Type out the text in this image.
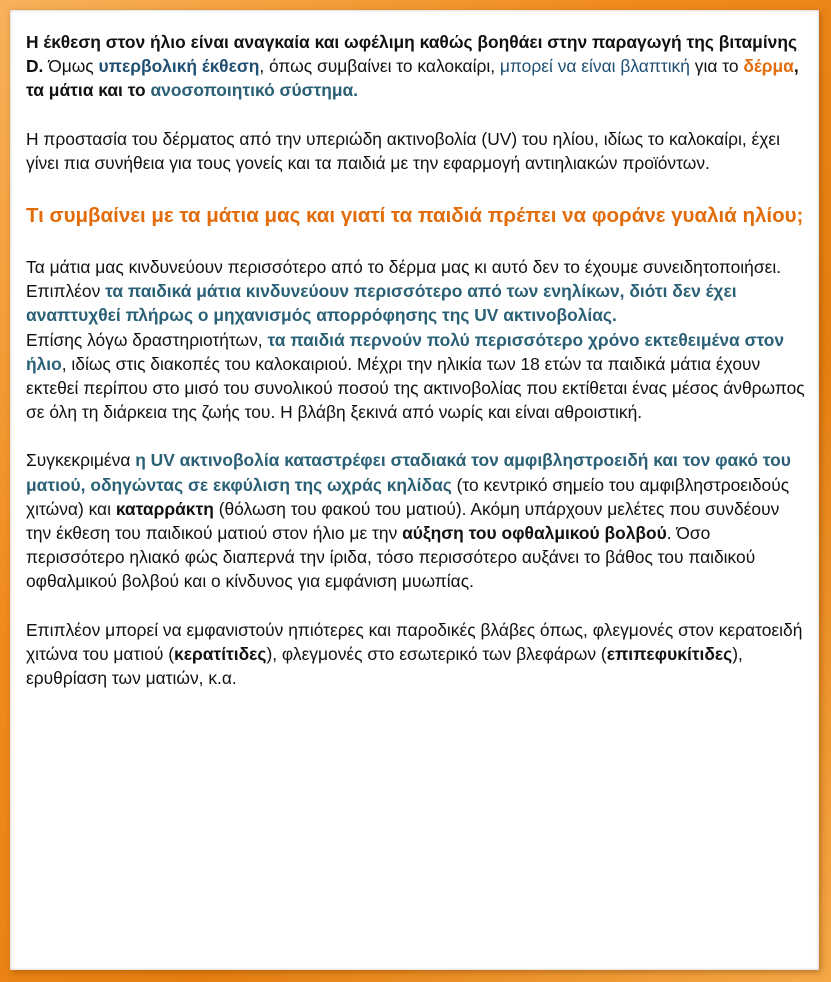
Η έκθεση στον ήλιο είναι αναγκαία και ωφέλιμη καθώς βοηθάει στην παραγωγή της βιταμίνης D. Όμως υπερβολική έκθεση, όπως συμβαίνει το καλοκαίρι, μπορεί να είναι βλαπτική για το δέρμα, τα μάτια και το ανοσοποιητικό σύστημα.

Η προστασία του δέρματος από την υπεριώδη ακτινοβολία (UV) του ηλίου, ιδίως το καλοκαίρι, έχει γίνει πια συνήθεια για τους γονείς και τα παιδιά με την εφαρμογή αντιηλιακών προϊόντων.

Τι συμβαίνει με τα μάτια μας και γιατί τα παιδιά πρέπει να φοράνε γυαλιά ηλίου;

Τα μάτια μας κινδυνεύουν περισσότερο από το δέρμα μας κι αυτό δεν το έχουμε συνειδητοποιήσει.
Επιπλέον τα παιδικά μάτια κινδυνεύουν περισσότερο από των ενηλίκων, διότι δεν έχει αναπτυχθεί πλήρως ο μηχανισμός απορρόφησης της UV ακτινοβολίας.
Επίσης λόγω δραστηριοτήτων, τα παιδιά περνούν πολύ περισσότερο χρόνο εκτεθειμένα στον ήλιο, ιδίως στις διακοπές του καλοκαιριού. Μέχρι την ηλικία των 18 ετών τα παιδικά μάτια έχουν εκτεθεί περίπου στο μισό του συνολικού ποσού της ακτινοβολίας που εκτίθεται ένας μέσος άνθρωπος σε όλη τη διάρκεια της ζωής του. Η βλάβη ξεκινά από νωρίς και είναι αθροιστική.

Συγκεκριμένα η UV ακτινοβολία καταστρέφει σταδιακά τον αμφιβληστροειδή και τον φακό του ματιού, οδηγώντας σε εκφύλιση της ωχράς κηλίδας (το κεντρικό σημείο του αμφιβληστροειδούς χιτώνα) και καταρράκτη (θόλωση του φακού του ματιού). Ακόμη υπάρχουν μελέτες που συνδέουν την έκθεση του παιδικού ματιού στον ήλιο με την αύξηση του οφθαλμικού βολβού. Όσο περισσότερο ηλιακό φώς διαπερνά την ίριδα, τόσο περισσότερο αυξάνει το βάθος του παιδικού οφθαλμικού βολβού και ο κίνδυνος για εμφάνιση μυωπίας.

Επιπλέον μπορεί να εμφανιστούν ηπιότερες και παροδικές βλάβες όπως, φλεγμονές στον κερατοειδή χιτώνα του ματιού (κερατίτιδες), φλεγμονές στο εσωτερικό των βλεφάρων (επιπεφυκίτιδες), ερυθρίαση των ματιών, κ.α.
